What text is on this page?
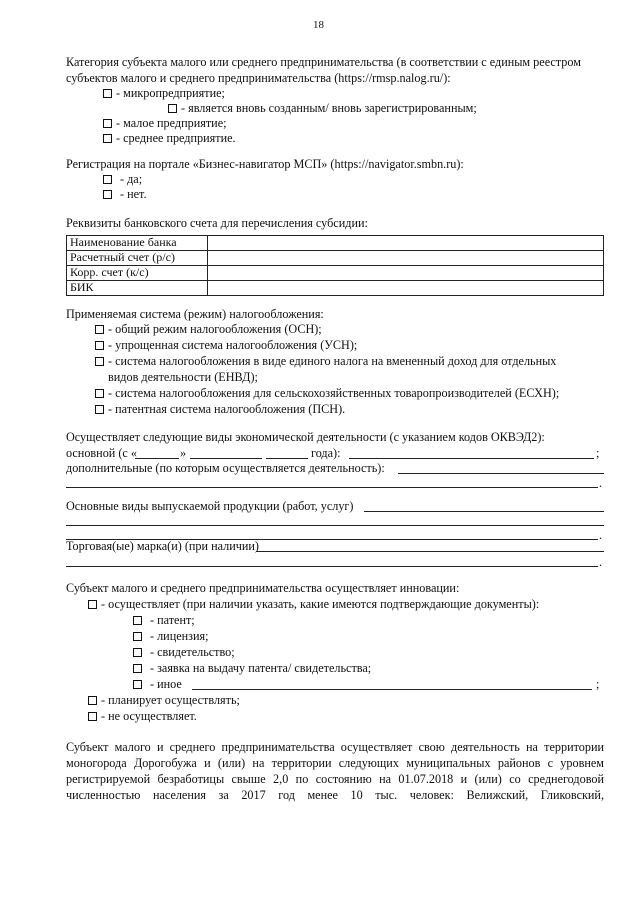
18
Категория субъекта малого или среднего предпринимательства (в соответствии с единым реестром
субъектов малого и среднего предпринимательства (https://rmsp.nalog.ru/):
- микропредприятие;
- является вновь созданным/ вновь зарегистрированным;
- малое предприятие;
- среднее предприятие.
Регистрация на портале «Бизнес-навигатор МСП» (https://navigator.smbn.ru):
- да;
- нет.
Реквизиты банковского счета для перечисления субсидии:
Наименование банка	
Расчетный счет (р/с)	
Корр. счет (к/с)	
БИК	
Применяемая система (режим) налогообложения:
- общий режим налогообложения (ОСН);
- упрощенная система налогообложения (УСН);
- система налогообложения в виде единого налога на вмененный доход для отдельных
видов деятельности (ЕНВД);
- система налогообложения для сельскохозяйственных товаропроизводителей (ЕСХН);
- патентная система налогообложения (ПСН).
Осуществляет следующие виды экономической деятельности (с указанием кодов ОКВЭД2):
основной (с «	»	года):	;
дополнительные (по которым осуществляется деятельность):
.
Основные виды выпускаемой продукции (работ, услуг)
.
Торговая(ые) марка(и) (при наличии)
.
Субъект малого и среднего предпринимательства осуществляет инновации:
- осуществляет (при наличии указать, какие имеются подтверждающие документы):
- патент;
- лицензия;
- свидетельство;
- заявка на выдачу патента/ свидетельства;
- иное	;
- планирует осуществлять;
- не осуществляет.
Субъект малого и среднего предпринимательства осуществляет свою деятельность на территории
моногорода Дорогобужа и (или) на территории следующих муниципальных районов с уровнем
регистрируемой безработицы свыше 2,0 по состоянию на 01.07.2018 и (или) со среднегодовой
численностью населения за 2017 год менее 10 тыс. человек: Велижский, Гликовский,
